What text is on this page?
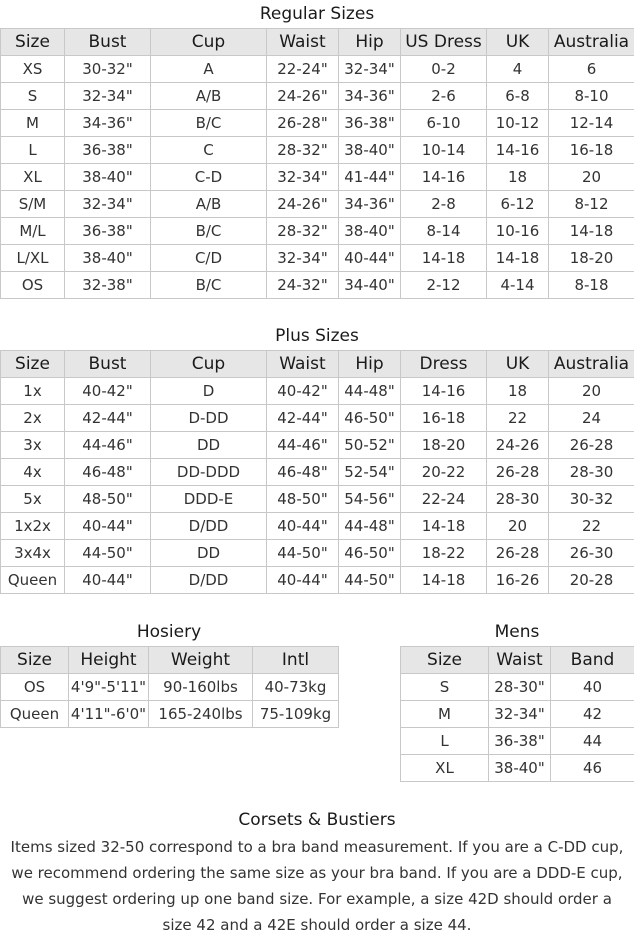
Regular Sizes
Size	Bust	Cup	Waist	Hip	US Dress	UK	Australia
XS	30-32"	A	22-24"	32-34"	0-2	4	6
S	32-34"	A/B	24-26"	34-36"	2-6	6-8	8-10
M	34-36"	B/C	26-28"	36-38"	6-10	10-12	12-14
L	36-38"	C	28-32"	38-40"	10-14	14-16	16-18
XL	38-40"	C-D	32-34"	41-44"	14-16	18	20
S/M	32-34"	A/B	24-26"	34-36"	2-8	6-12	8-12
M/L	36-38"	B/C	28-32"	38-40"	8-14	10-16	14-18
L/XL	38-40"	C/D	32-34"	40-44"	14-18	14-18	18-20
OS	32-38"	B/C	24-32"	34-40"	2-12	4-14	8-18
Plus Sizes
Size	Bust	Cup	Waist	Hip	Dress	UK	Australia
1x	40-42"	D	40-42"	44-48"	14-16	18	20
2x	42-44"	D-DD	42-44"	46-50"	16-18	22	24
3x	44-46"	DD	44-46"	50-52"	18-20	24-26	26-28
4x	46-48"	DD-DDD	46-48"	52-54"	20-22	26-28	28-30
5x	48-50"	DDD-E	48-50"	54-56"	22-24	28-30	30-32
1x2x	40-44"	D/DD	40-44"	44-48"	14-18	20	22
3x4x	44-50"	DD	44-50"	46-50"	18-22	26-28	26-30
Queen	40-44"	D/DD	40-44"	44-50"	14-18	16-26	20-28
Hosiery
Size	Height	Weight	Intl
OS	4'9"-5'11"	90-160lbs	40-73kg
Queen	4'11"-6'0"	165-240lbs	75-109kg
Mens
Size	Waist	Band
S	28-30"	40
M	32-34"	42
L	36-38"	44
XL	38-40"	46
Corsets & Bustiers
Items sized 32-50 correspond to a bra band measurement. If you are a C-DD cup,
we recommend ordering the same size as your bra band. If you are a DDD-E cup,
we suggest ordering up one band size. For example, a size 42D should order a
size 42 and a 42E should order a size 44.
